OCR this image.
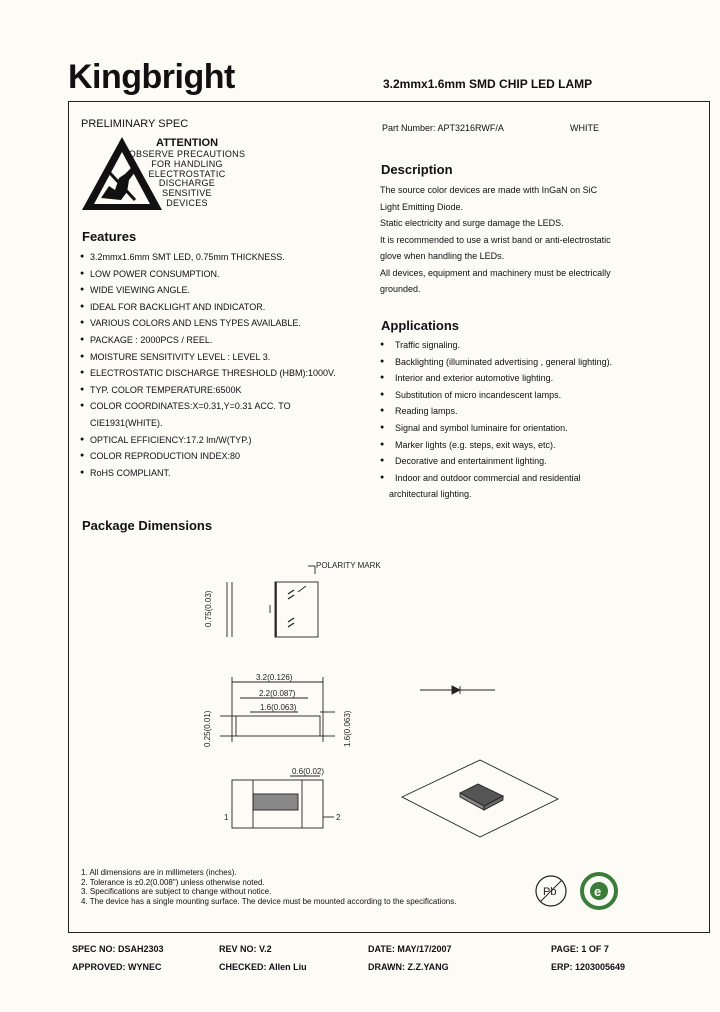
Kingbright	3.2mmx1.6mm SMD CHIP LED LAMP
PRELIMINARY SPEC	Part Number: APT3216RWF/A	WHITE
ATTENTION
OBSERVE PRECAUTIONS
FOR HANDLING
ELECTROSTATIC
DISCHARGE
SENSITIVE
DEVICES
Features
● 3.2mmx1.6mm SMT LED, 0.75mm THICKNESS.
● LOW POWER CONSUMPTION.
● WIDE VIEWING ANGLE.
● IDEAL FOR BACKLIGHT AND INDICATOR.
● VARIOUS COLORS AND LENS TYPES AVAILABLE.
● PACKAGE : 2000PCS / REEL.
● MOISTURE SENSITIVITY LEVEL : LEVEL 3.
● ELECTROSTATIC DISCHARGE THRESHOLD (HBM):1000V.
● TYP. COLOR TEMPERATURE:6500K
● COLOR COORDINATES:X=0.31,Y=0.31 ACC. TO
CIE1931(WHITE).
● OPTICAL EFFICIENCY:17.2 lm/W(TYP.)
● COLOR REPRODUCTION INDEX:80
● RoHS COMPLIANT.
Description

The source color devices are made with InGaN on SiC

Light Emitting Diode.

Static electricity and surge damage the LEDS.

It is recommended to use a wrist band or anti-electrostatic

glove when handling the LEDs.

All devices, equipment and machinery must be electrically

grounded.

Applications
● Traffic signaling.
● Backlighting (illuminated advertising , general lighting).
● Interior and exterior automotive lighting.
● Substitution of micro incandescent lamps.
● Reading lamps.
● Signal and symbol luminaire for orientation.
● Marker lights (e.g. steps, exit ways, etc).
● Decorative and entertainment lighting.
● Indoor and outdoor commercial and residential
architectural lighting.
Package Dimensions
POLARITY MARK
0.75(0.03)
3.2(0.126)
2.2(0.087)
1.6(0.063)
0.25(0.01)	1.6(0.063)
0.6(0.02)
1	2
1. All dimensions are in millimeters (inches).
2. Tolerance is ±0.2(0.008") unless otherwise noted.
3. Specifications are subject to change without notice.
4. The device has a single mounting surface. The device must be mounted according to the specifications.
Pb	e
SPEC NO: DSAH2303	REV NO: V.2	DATE: MAY/17/2007	PAGE: 1 OF 7
APPROVED: WYNEC	CHECKED: Allen Liu	DRAWN: Z.Z.YANG	ERP: 1203005649
